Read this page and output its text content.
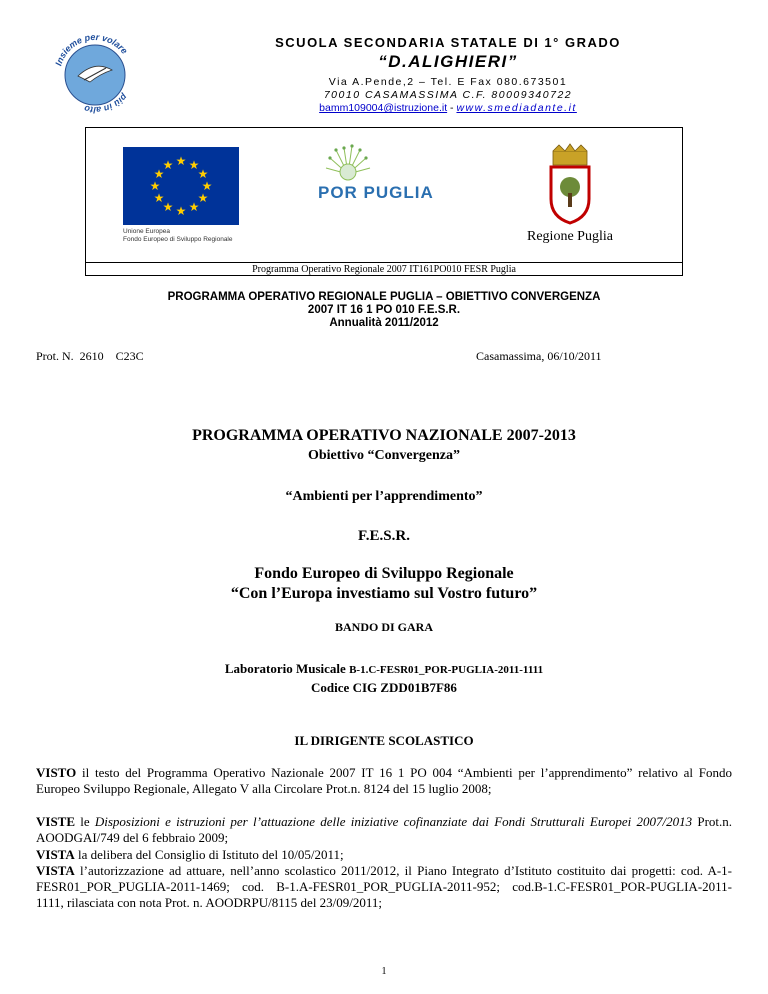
Insieme per volare
più in alto
SCUOLA SECONDARIA STATALE DI 1° GRADO
“D.ALIGHIERI”
Via A.Pende,2 – Tel. E Fax 080.673501
70010 CASAMASSIMA C.F. 80009340722
bamm109004@istruzione.it - www.smediadante.it
★ ★
★
★
★
★
★
★
★
★
★
★
Unione Europea
Fondo Europeo di Sviluppo Regionale
POR PUGLIA
Regione Puglia
Programma Operativo Regionale 2007 IT161PO010 FESR Puglia
PROGRAMMA OPERATIVO REGIONALE PUGLIA – OBIETTIVO CONVERGENZA
2007 IT 16 1 PO 010 F.E.S.R.
Annualità 2011/2012
Prot. N.  2610    C23C	Casamassima, 06/10/2011
PROGRAMMA OPERATIVO NAZIONALE 2007-2013
Obiettivo “Convergenza”
“Ambienti per l’apprendimento”
F.E.S.R.
Fondo Europeo di Sviluppo Regionale
“Con l’Europa investiamo sul Vostro futuro”
BANDO DI GARA
Laboratorio Musicale B-1.C-FESR01_POR-PUGLIA-2011-1111
Codice CIG ZDD01B7F86
IL DIRIGENTE SCOLASTICO
VISTO il testo del Programma Operativo Nazionale 2007 IT 16 1 PO 004 “Ambienti per l’apprendimento” relativo al Fondo Europeo Sviluppo Regionale, Allegato V alla Circolare Prot.n. 8124 del 15 luglio 2008;
VISTE le Disposizioni e istruzioni per l’attuazione delle iniziative cofinanziate dai Fondi Strutturali Europei 2007/2013 Prot.n. AOODGAI/749 del 6 febbraio 2009;
VISTA la delibera del Consiglio di Istituto del 10/05/2011;
VISTA l’autorizzazione ad attuare, nell’anno scolastico 2011/2012, il Piano Integrato d’Istituto costituito dai progetti: cod. A-1-FESR01_POR_PUGLIA-2011-1469; cod. B-1.A-FESR01_POR_PUGLIA-2011-952; cod.B-1.C-FESR01_POR-PUGLIA-2011-1111, rilasciata con nota Prot. n. AOODRPU/8115 del 23/09/2011;
1
